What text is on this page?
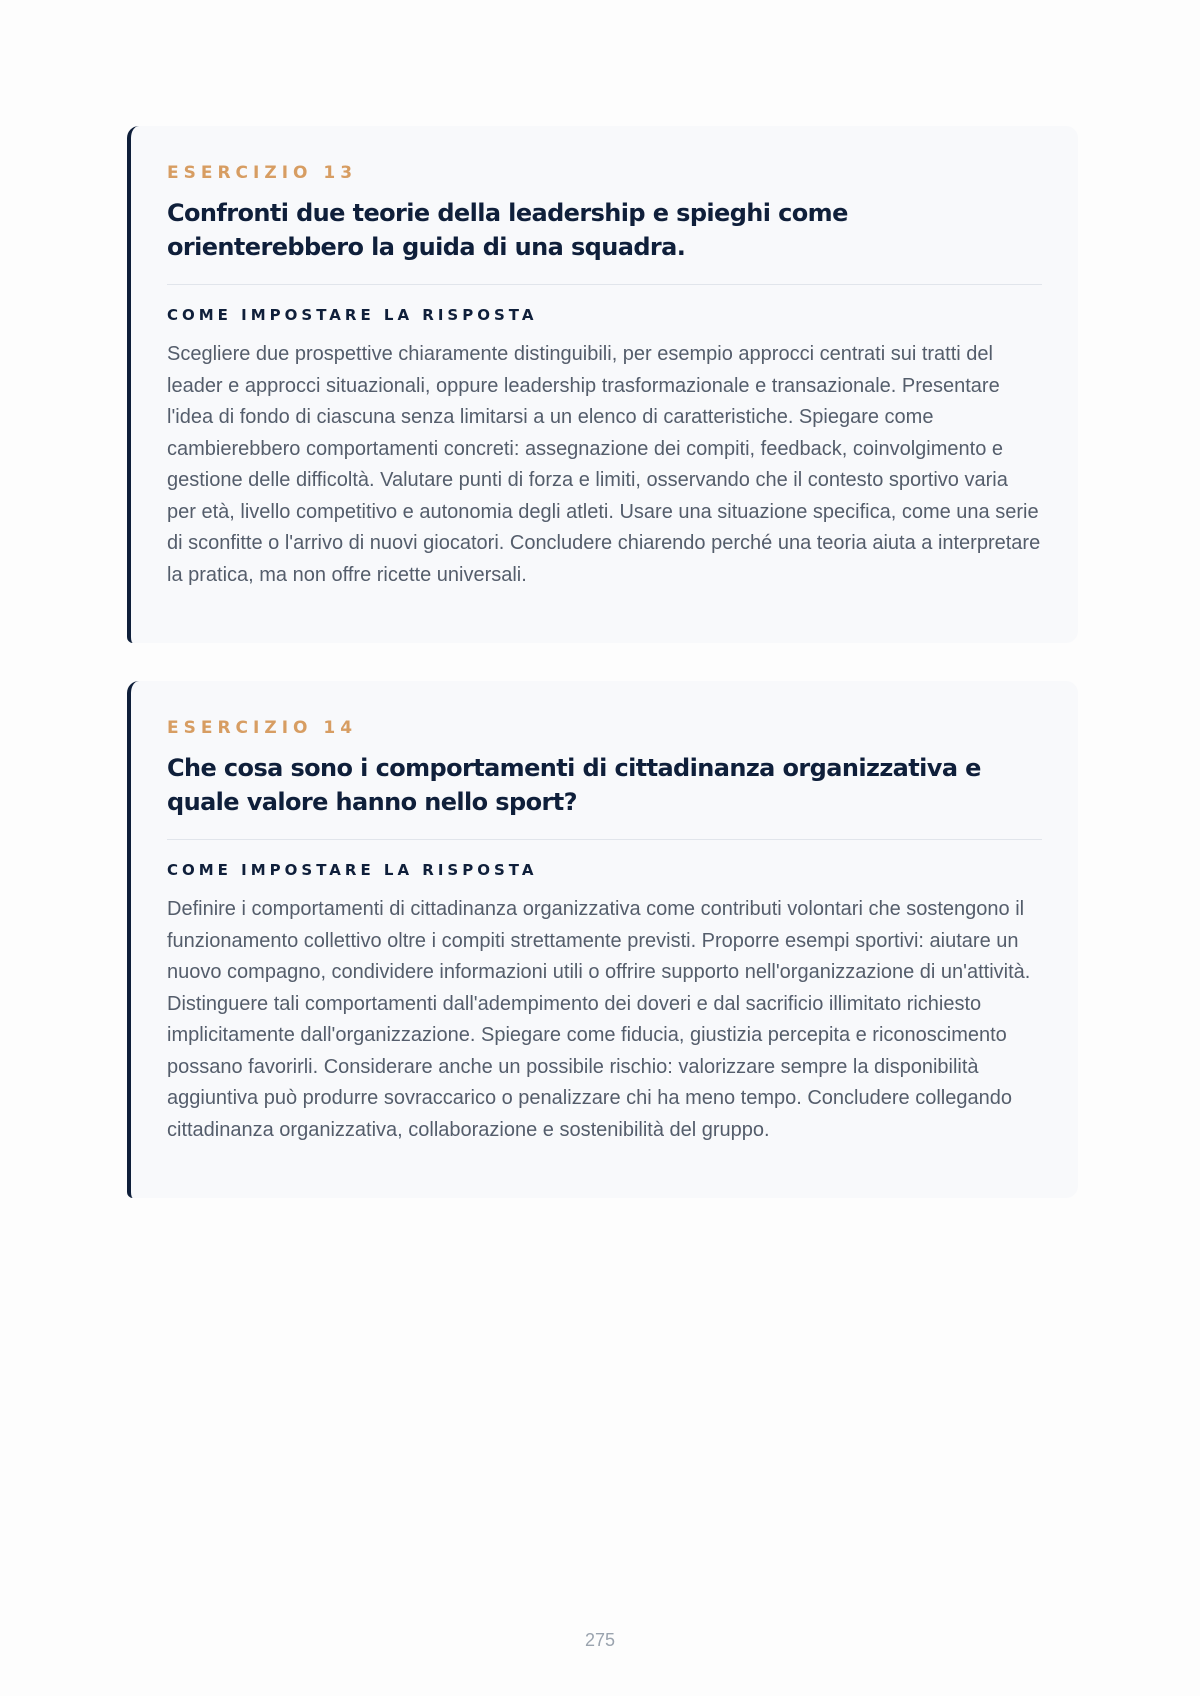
ESERCIZIO 13
Confronti due teorie della leadership e spieghi come orienterebbero la guida di una squadra.
COME IMPOSTARE LA RISPOSTA

Scegliere due prospettive chiaramente distinguibili, per esempio approcci centrati sui tratti del leader e approcci situazionali, oppure leadership trasformazionale e transazionale. Presentare l'idea di fondo di ciascuna senza limitarsi a un elenco di caratteristiche. Spiegare come cambierebbero comportamenti concreti: assegnazione dei compiti, feedback, coinvolgimento e gestione delle difficoltà. Valutare punti di forza e limiti, osservando che il contesto sportivo varia per età, livello competitivo e autonomia degli atleti. Usare una situazione specifica, come una serie di sconfitte o l'arrivo di nuovi giocatori. Concludere chiarendo perché una teoria aiuta a interpretare la pratica, ma non offre ricette universali.

ESERCIZIO 14
Che cosa sono i comportamenti di cittadinanza organizzativa e quale valore hanno nello sport?
COME IMPOSTARE LA RISPOSTA

Definire i comportamenti di cittadinanza organizzativa come contributi volontari che sostengono il funzionamento collettivo oltre i compiti strettamente previsti. Proporre esempi sportivi: aiutare un nuovo compagno, condividere informazioni utili o offrire supporto nell'organizzazione di un'attività. Distinguere tali comportamenti dall'adempimento dei doveri e dal sacrificio illimitato richiesto implicitamente dall'organizzazione. Spiegare come fiducia, giustizia percepita e riconoscimento possano favorirli. Considerare anche un possibile rischio: valorizzare sempre la disponibilità aggiuntiva può produrre sovraccarico o penalizzare chi ha meno tempo. Concludere collegando cittadinanza organizzativa, collaborazione e sostenibilità del gruppo.

275
